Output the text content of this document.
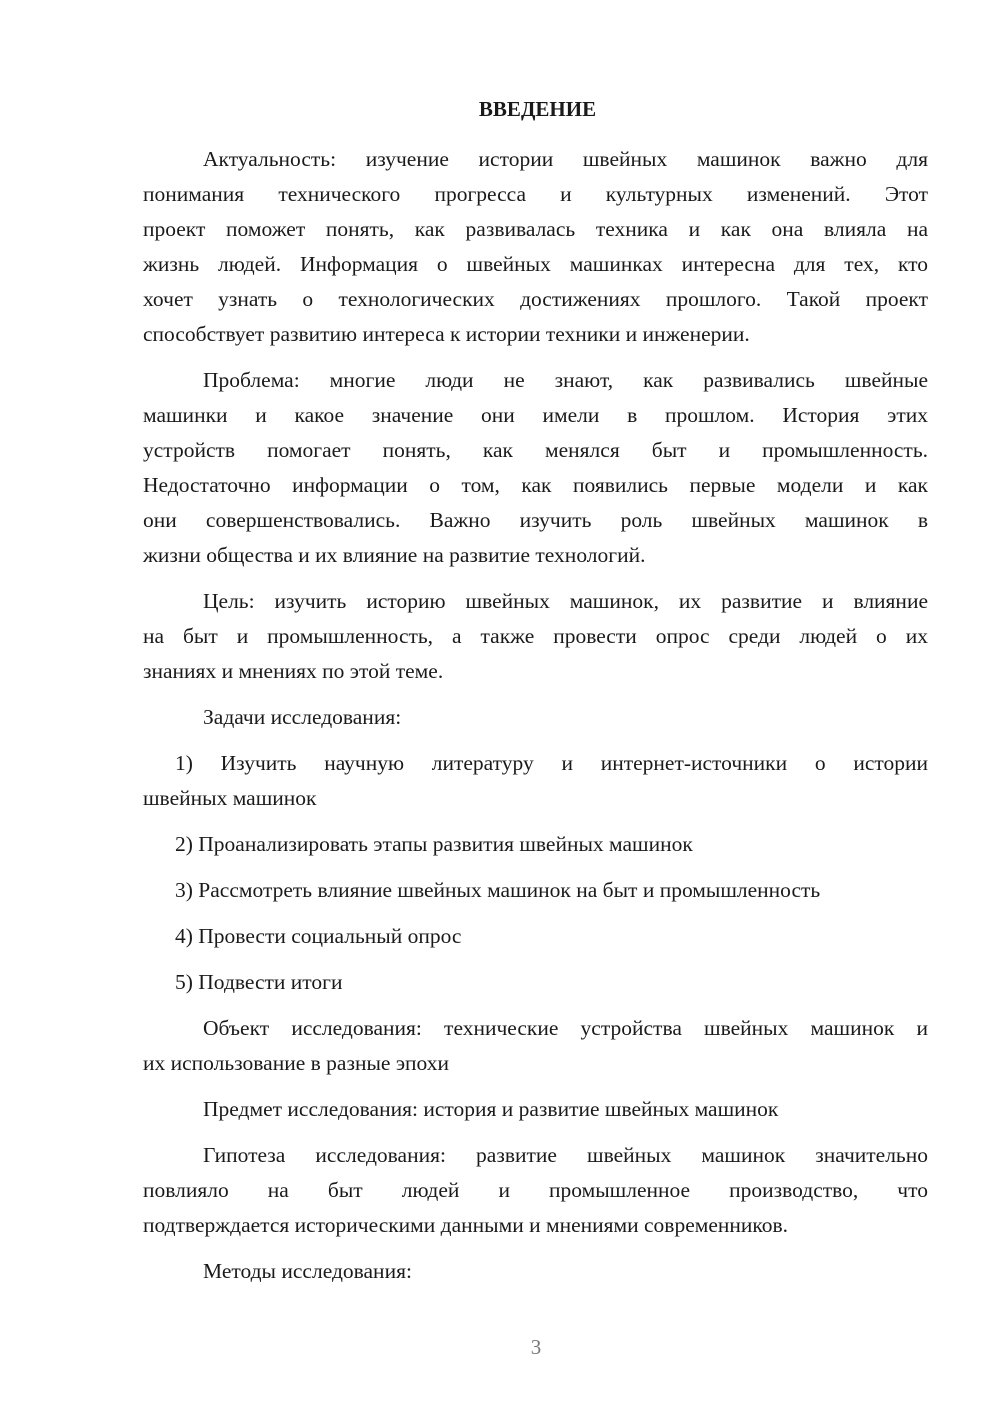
ВВЕДЕНИЕ
Актуальность: изучение истории швейных машинок важно для
понимания технического прогресса и культурных изменений. Этот
проект поможет понять, как развивалась техника и как она влияла на
жизнь людей. Информация о швейных машинках интересна для тех, кто
хочет узнать о технологических достижениях прошлого. Такой проект
способствует развитию интереса к истории техники и инженерии.
Проблема: многие люди не знают, как развивались швейные
машинки и какое значение они имели в прошлом. История этих
устройств помогает понять, как менялся быт и промышленность.
Недостаточно информации о том, как появились первые модели и как
они совершенствовались. Важно изучить роль швейных машинок в
жизни общества и их влияние на развитие технологий.
Цель: изучить историю швейных машинок, их развитие и влияние
на быт и промышленность, а также провести опрос среди людей о их
знаниях и мнениях по этой теме.
Задачи исследования:
1) Изучить научную литературу и интернет-источники о истории
швейных машинок
2) Проанализировать этапы развития швейных машинок
3) Рассмотреть влияние швейных машинок на быт и промышленность
4) Провести социальный опрос
5) Подвести итоги
Объект исследования: технические устройства швейных машинок и
их использование в разные эпохи
Предмет исследования: история и развитие швейных машинок
Гипотеза исследования: развитие швейных машинок значительно
повлияло на быт людей и промышленное производство, что
подтверждается историческими данными и мнениями современников.
Методы исследования:
3
